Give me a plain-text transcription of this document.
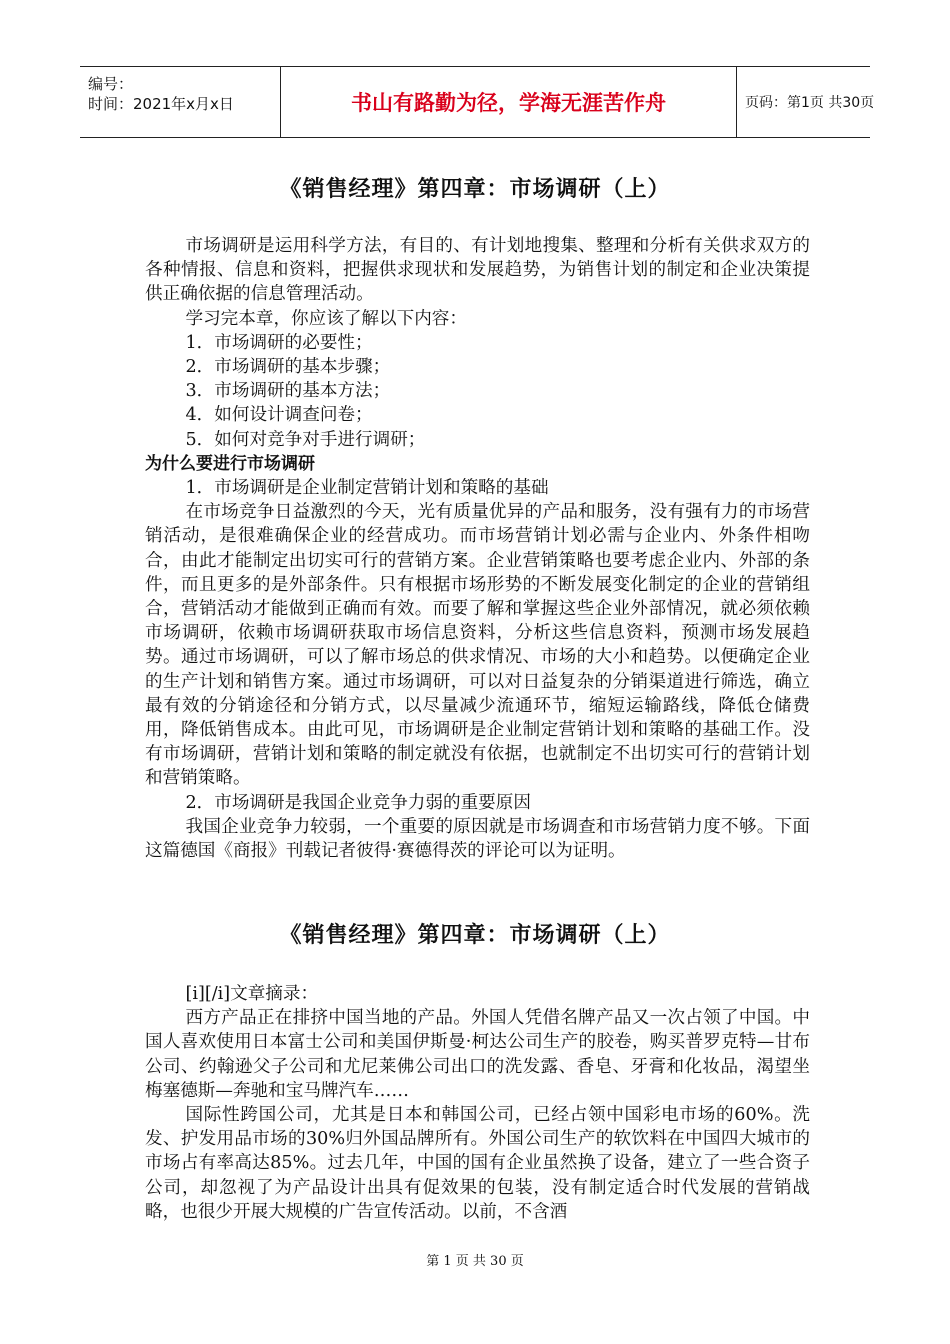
编号：
时间：2021年x月x日	书山有路勤为径，学海无涯苦作舟	页码：第1页 共30页
《销售经理》第四章：市场调研（上）

市场调研是运用科学方法，有目的、有计划地搜集、整理和分析有关供求双方的各种情报、信息和资料，把握供求现状和发展趋势，为销售计划的制定和企业决策提供正确依据的信息管理活动。

学习完本章，你应该了解以下内容：

1．市场调研的必要性；

2．市场调研的基本步骤；

3．市场调研的基本方法；

4．如何设计调查问卷；

5．如何对竞争对手进行调研；

为什么要进行市场调研

1．市场调研是企业制定营销计划和策略的基础

在市场竞争日益激烈的今天，光有质量优异的产品和服务，没有强有力的市场营销活动，是很难确保企业的经营成功。而市场营销计划必需与企业内、外条件相吻合，由此才能制定出切实可行的营销方案。企业营销策略也要考虑企业内、外部的条件，而且更多的是外部条件。只有根据市场形势的不断发展变化制定的企业的营销组合，营销活动才能做到正确而有效。而要了解和掌握这些企业外部情况，就必须依赖市场调研，依赖市场调研获取市场信息资料，分析这些信息资料，预测市场发展趋势。通过市场调研，可以了解市场总的供求情况、市场的大小和趋势。以便确定企业的生产计划和销售方案。通过市场调研，可以对日益复杂的分销渠道进行筛选，确立最有效的分销途径和分销方式，以尽量减少流通环节，缩短运输路线，降低仓储费用，降低销售成本。由此可见，市场调研是企业制定营销计划和策略的基础工作。没有市场调研，营销计划和策略的制定就没有依据，也就制定不出切实可行的营销计划和营销策略。

2．市场调研是我国企业竞争力弱的重要原因

我国企业竞争力较弱，一个重要的原因就是市场调查和市场营销力度不够。下面这篇德国《商报》刊载记者彼得·赛德得茨的评论可以为证明。

《销售经理》第四章：市场调研（上）

[i][/i]文章摘录：

西方产品正在排挤中国当地的产品。外国人凭借名牌产品又一次占领了中国。中国人喜欢使用日本富士公司和美国伊斯曼·柯达公司生产的胶卷，购买普罗克特—甘布公司、约翰逊父子公司和尤尼莱佛公司出口的洗发露、香皂、牙膏和化妆品，渴望坐梅塞德斯—奔驰和宝马牌汽车……

国际性跨国公司，尤其是日本和韩国公司，已经占领中国彩电市场的60%。洗发、护发用品市场的30%归外国品牌所有。外国公司生产的软饮料在中国四大城市的市场占有率高达85%。过去几年，中国的国有企业虽然换了设备，建立了一些合资子公司，却忽视了为产品设计出具有促效果的包装，没有制定适合时代发展的营销战略，也很少开展大规模的广告宣传活动。以前，不含酒

第 1 页 共 30 页
